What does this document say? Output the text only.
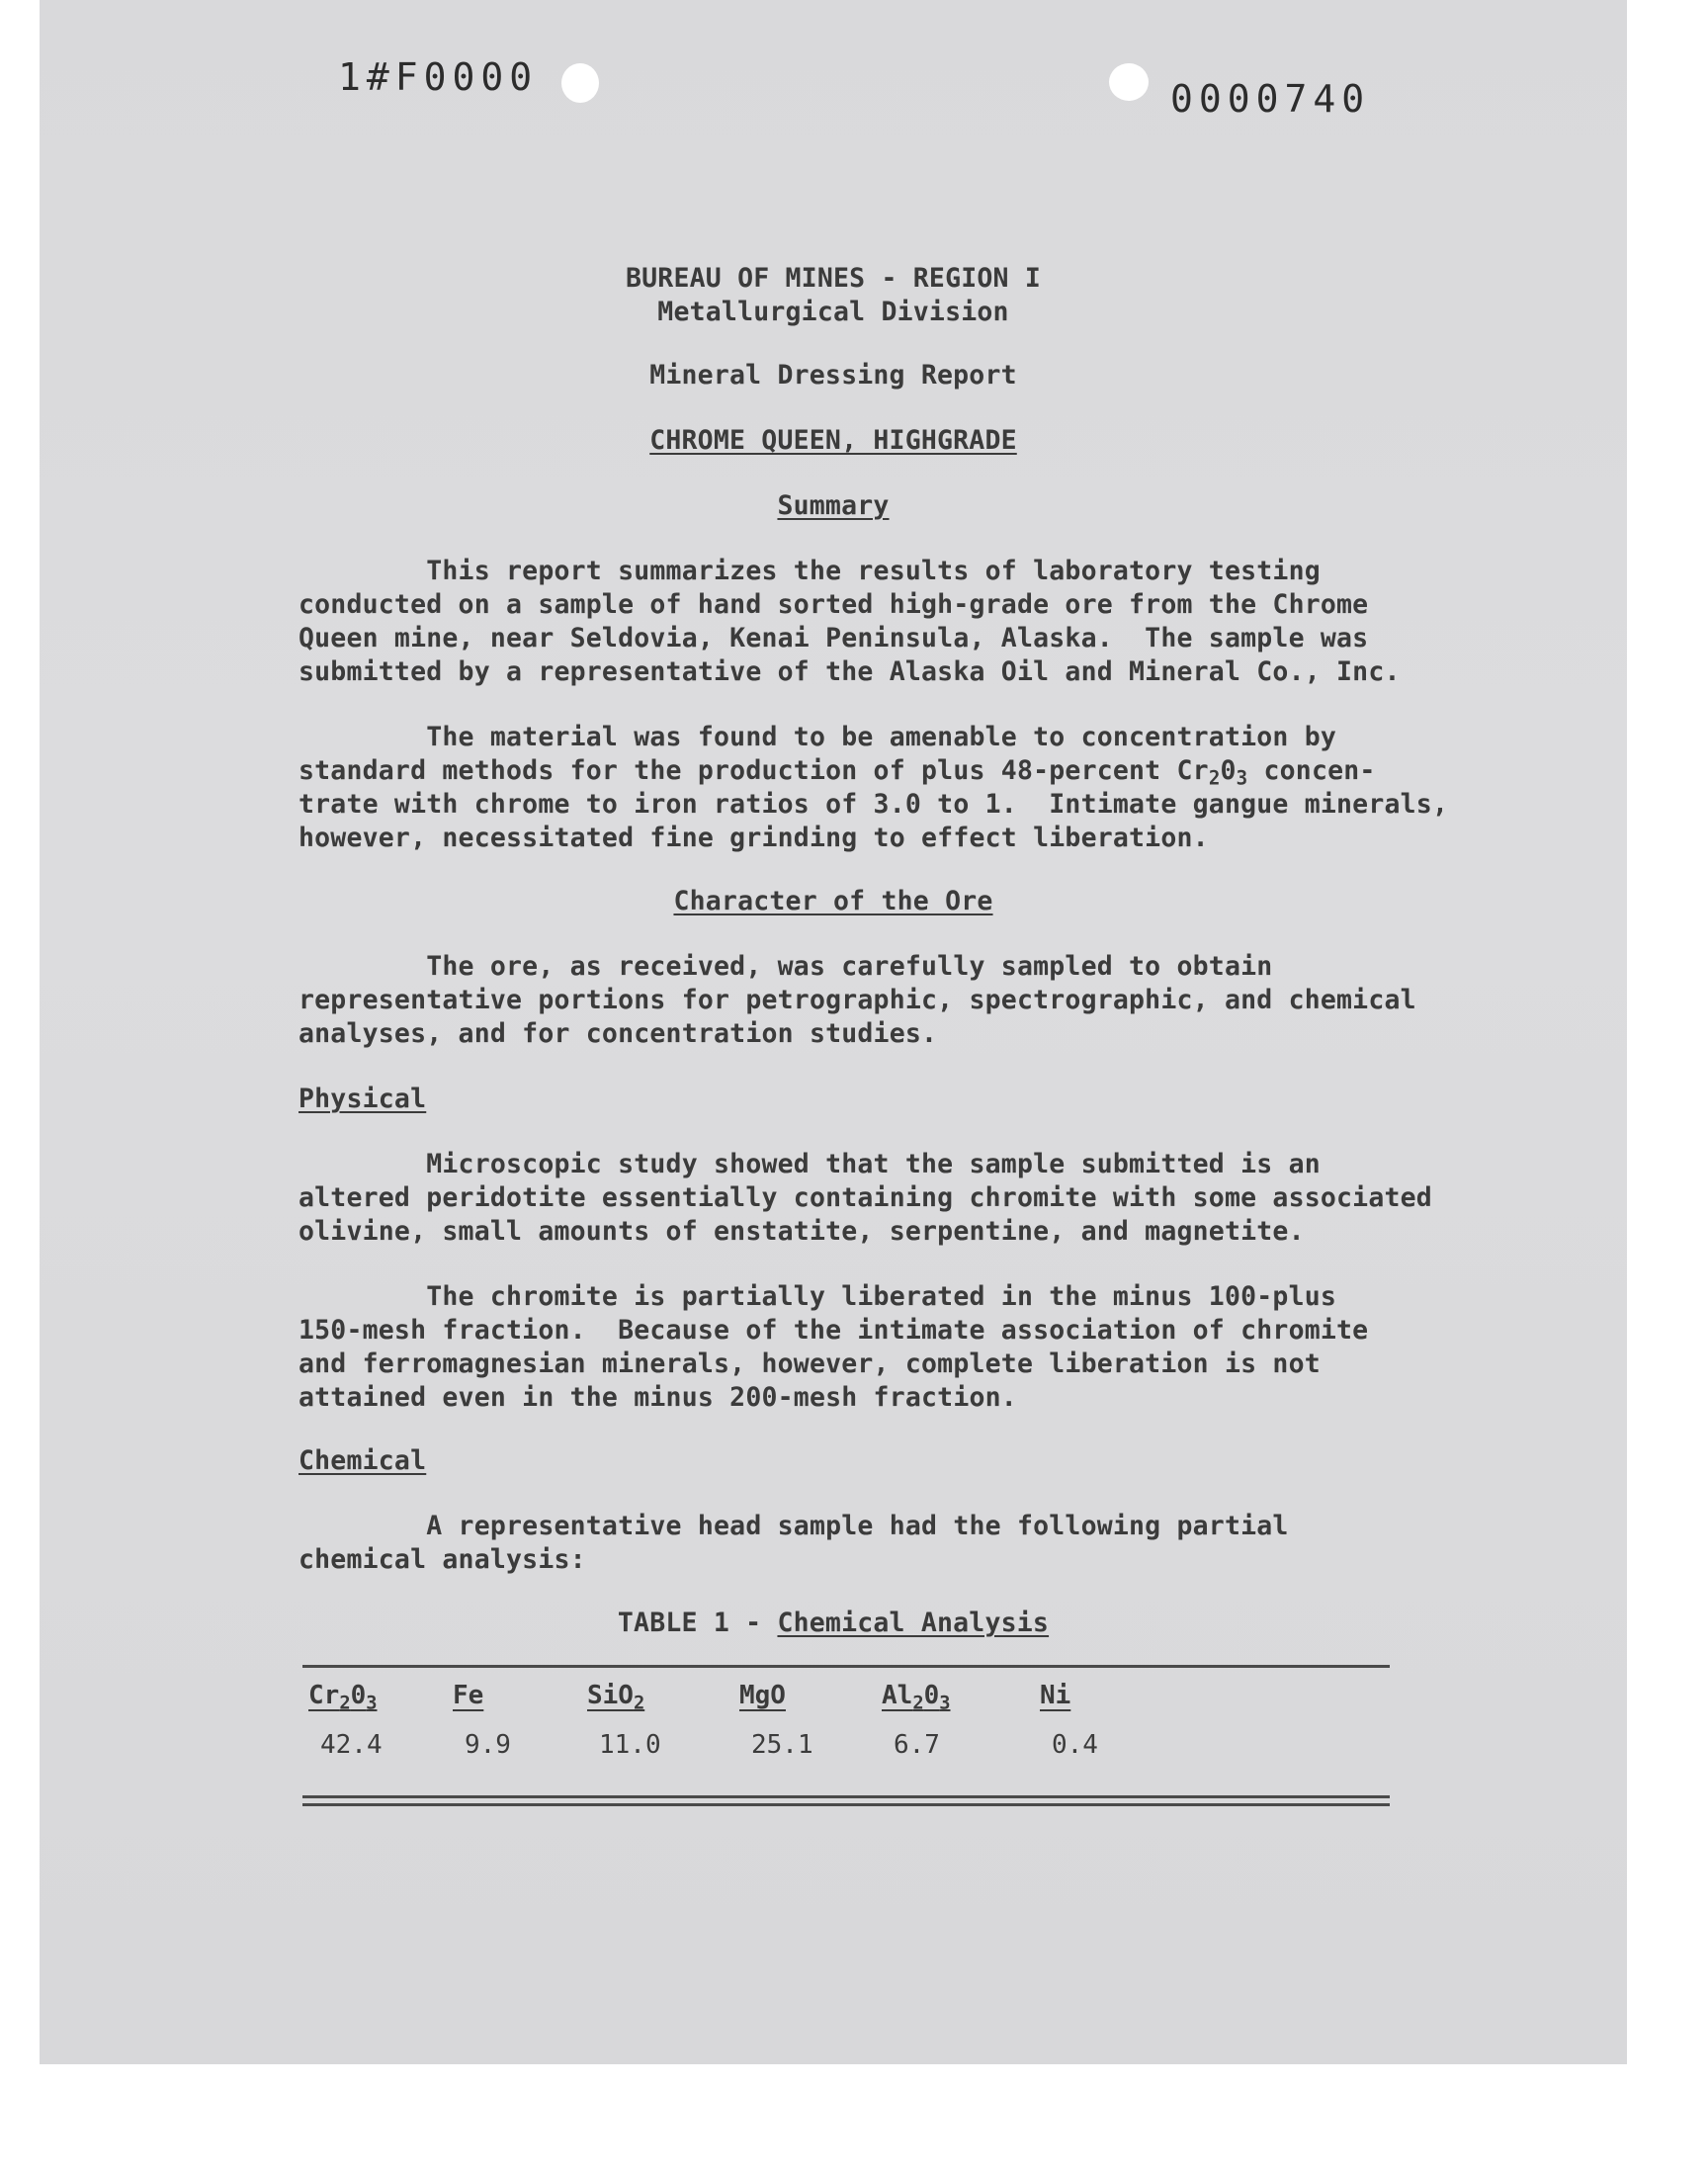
1#F0000	0000740
BUREAU OF MINES - REGION I
Metallurgical Division
Mineral Dressing Report
CHROME QUEEN, HIGHGRADE
Summary
This report summarizes the results of laboratory testing
conducted on a sample of hand sorted high-grade ore from the Chrome
Queen mine, near Seldovia, Kenai Peninsula, Alaska.  The sample was
submitted by a representative of the Alaska Oil and Mineral Co., Inc.
The material was found to be amenable to concentration by
standard methods for the production of plus 48-percent $Cr_20_3$ concen-
trate with chrome to iron ratios of 3.0 to 1.  Intimate gangue minerals,
however, necessitated fine grinding to effect liberation.
Character of the Ore
The ore, as received, was carefully sampled to obtain
representative portions for petrographic, spectrographic, and chemical
analyses, and for concentration studies.
Physical
Microscopic study showed that the sample submitted is an
altered peridotite essentially containing chromite with some associated
olivine, small amounts of enstatite, serpentine, and magnetite.
The chromite is partially liberated in the minus 100-plus
150-mesh fraction.  Because of the intimate association of chromite
and ferromagnesian minerals, however, complete liberation is not
attained even in the minus 200-mesh fraction.
Chemical
A representative head sample had the following partial
chemical analysis:
TABLE 1 - Chemical Analysis
$Cr_20_3$
42.4
Fe
9.9
SiO$_2$
11.0
MgO
25.1
$Al_20_3$
6.7
Ni
0.4
